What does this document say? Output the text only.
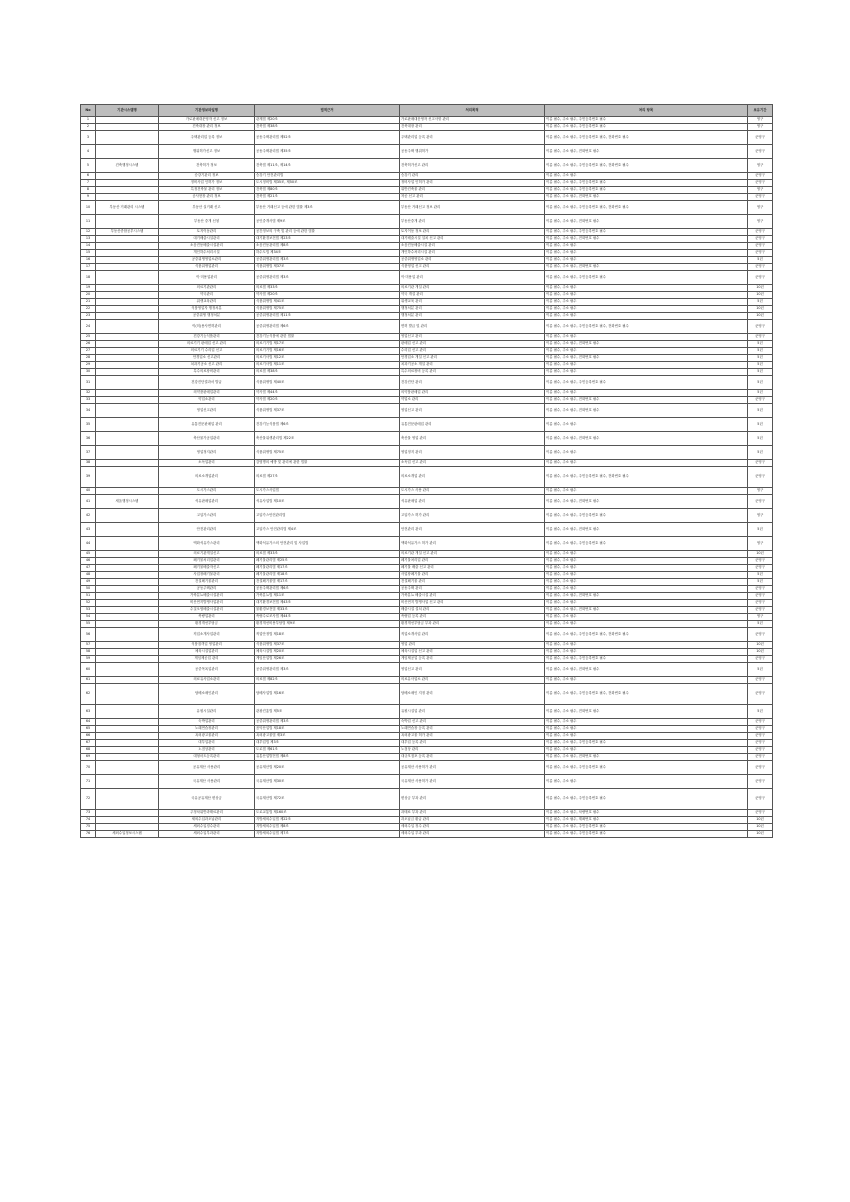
No	기관시스템명	기관정보파일명	법적근거	처리목적	처리 항목	보유기간
1		가로판매대운영자 신고 정보	관계법 제20조	가로판매대운영자 신고사항 관리	이름 필수, 주소 필수, 주민등록번호 필수	영구
2		건축대장 관리 정보	건축법 제38조	건축대장 관리	이름 필수, 주소 필수, 주민등록번호 필수	영구
3		주택관리업 등록 정보	공동주택관리법 제52조	주택관리업 등록 관리	이름 필수, 주소 필수, 주민등록번호 필수, 전화번호 필수	준영구
4		행위허가신고 정보	공동주택관리법 제35조	공동주택 행위허가	이름 필수, 주소 필수, 전화번호 필수	준영구
5	건축행정시스템	건축허가 정보	건축법 제11조, 제14조	건축허가신고 관리	이름 필수, 주소 필수, 주민등록번호 필수, 전화번호 필수	영구
6		승강기관리 정보	승강기 안전관리법	승강기 관리	이름 필수, 주소 필수	준영구
7		정비사업 인허가 정보	도시정비법 제35조, 제50조	정비사업 인허가 관리	이름 필수, 주소 필수, 주민등록번호 필수	준영구
8		특정건축물 관리 정보	건축법 제80조	위반건축물 관리	이름 필수, 주소 필수, 주민등록번호 필수	영구
9		공사현장 관리 정보	건축법 제21조	착공 신고 관리	이름 필수, 주소 필수, 전화번호 필수	준영구
10	부동산 거래관리 시스템	부동산 실거래 신고	부동산 거래신고 등에 관한 법률 제3조	부동산 거래신고 정보 관리	이름 필수, 주소 필수, 주민등록번호 필수, 전화번호 필수	영구
11		부동산 중개 신청	공인중개사법 제9조	부동산중개 관리	이름 필수, 주소 필수, 전화번호 필수	영구
12	부동산종합공부시스템	토지이동관리	공간정보의 구축 및 관리 등에 관한 법률	토지이동 정보 관리	이름 필수, 주소 필수, 주민등록번호 필수	준영구
13		대기배출시설관리	대기환경보전법 제23조	대기배출시설 설치 신고 관리	이름 필수, 주소 필수, 전화번호 필수	준영구
14		소음진동배출시설관리	소음진동관리법 제8조	소음진동배출시설 관리	이름 필수, 주소 필수	준영구
15		개인하수처리시설	하수도법 제34조	개인하수처리시설 관리	이름 필수, 주소 필수	준영구
16		공중위생영업소관리	공중위생관리법 제3조	공중위생영업소 관리	이름 필수, 주소 필수	5년
17		식품위생업관리	식품위생법 제37조	식품영업 신고 관리	이름 필수, 주소 필수, 전화번호 필수	준영구
18		이·미용업관리	공중위생관리법 제3조	이·미용업 관리	이름 필수, 주소 필수, 주민등록번호 필수	준영구
19		의료기관관리	의료법 제33조	의료기관 개설 관리	이름 필수, 주소 필수	10년
20		약국관리	약사법 제20조	약국 개설 관리	이름 필수, 주소 필수	10년
21		위생교육관리	식품위생법 제41조	위생교육 관리	이름 필수, 주소 필수	5년
22		식품영업자 행정처분	식품위생법 제75조	행정처분 관리	이름 필수, 주소 필수	10년
23		공중위생 행정처분	공중위생관리법 제11조	행정처분 관리	이름 필수, 주소 필수	10년
24		이(미)용사면허관리	공중위생관리법 제6조	면허 발급 및 관리	이름 필수, 주소 필수, 주민등록번호 필수, 전화번호 필수	준영구
25		건강기능식품관리	건강기능식품에 관한 법률	영업신고 관리	이름 필수, 주소 필수	준영구
26		의료기기 판매업 신고 관리	의료기기법 제17조	판매업 신고 관리	이름 필수, 주소 필수, 전화번호 필수	5년
27		의료기기 수리업 신고	의료기기법 제16조	수리업 신고 관리	이름 필수, 주소 필수	5년
28		안경업소 신고관리	의료기사법 제12조	안경업소 개설 신고 관리	이름 필수, 주소 필수, 전화번호 필수	5년
29		치과기공소 신고 관리	의료기사법 제11조	치과기공소 개설 관리	이름 필수, 주소 필수	5년
30		특수의료장비관리	의료법 제38조	특수의료장비 등록 관리	이름 필수, 주소 필수	5년
31		건강진단결과서 발급	식품위생법 제40조	건강진단 관리	이름 필수, 주소 필수, 주민등록번호 필수	5년
32		의약품판매업관리	약사법 제44조	의약품판매업 관리	이름 필수, 주소 필수	5년
33		약업소관리	약사법 제20조	약업소 관리	이름 필수, 주소 필수, 전화번호 필수	준영구
34		영업신고관리	식품위생법 제37조	영업신고 관리	이름 필수, 주소 필수, 전화번호 필수	5년
35		유통전문판매업 관리	건강기능식품법 제6조	유통전문판매업 관리	이름 필수, 주소 필수	5년
36		축산물가공업관리	축산물위생관리법 제22조	축산물 영업 관리	이름 필수, 주소 필수, 전화번호 필수	5년
37		영업정지관리	식품위생법 제75조	영업정지 관리	이름 필수, 주소 필수	5년
38		소독업관리	감염병의 예방 및 관리에 관한 법률	소독업 신고 관리	이름 필수, 주소 필수	준영구
39		의료소개업관리	의료법 제27조	의료소개업 관리	이름 필수, 주소 필수, 주민등록번호 필수, 전화번호 필수	준영구
40		도시가스관리	도시가스사업법	도시가스 사용 관리	이름 필수, 주소 필수	영구
41	새올행정시스템	석유판매업관리	석유사업법 제10조	석유판매업 관리	이름 필수, 주소 필수, 전화번호 필수	준영구
42		고압가스관리	고압가스안전관리법	고압가스 허가 관리	이름 필수, 주소 필수, 주민등록번호 필수	영구
43		안전관리관리	고압가스 안전관리법 제4조	안전관리 관리	이름 필수, 주소 필수, 전화번호 필수	5년
44		액화석유가스관리	액화석유가스의 안전관리 및 사업법	액화석유가스 허가 관리	이름 필수, 주소 필수, 주민등록번호 필수	영구
45		의료기관개설신고	의료법 제33조	의료기관 개설 신고 관리	이름 필수, 주소 필수	10년
46		폐기물처리업관리	폐기물관리법 제25조	폐기물처리업 관리	이름 필수, 주소 필수	준영구
47		폐기물배출자신고	폐기물관리법 제17조	폐기물 배출 신고 관리	이름 필수, 주소 필수	준영구
48		사업장폐기물관리	폐기물관리법 제18조	사업장폐기물 관리	이름 필수, 주소 필수	5년
49		건설폐기물관리	건설폐기물법 제17조	건설폐기물 관리	이름 필수, 주소 필수	5년
50		공동주택관리	공동주택관리법 제6조	공동주택 관리	이름 필수, 주소 필수	준영구
51		가축분뇨배출시설관리	가축분뇨법 제11조	가축분뇨 배출시설 관리	이름 필수, 주소 필수, 전화번호 필수	준영구
52		비산먼지발생사업관리	대기환경보전법 제43조	비산먼지 발생사업 신고 관리	이름 필수, 주소 필수	준영구
53		수질오염배출시설관리	물환경보전법 제33조	배출시설 설치 관리	이름 필수, 주소 필수, 전화번호 필수	준영구
54		측량업관리	측량수로조사법 제44조	측량업 등록 관리	이름 필수, 주소 필수	영구
55		환경개선부담금	환경개선비용부담법 제9조	환경개선부담금 부과 관리	이름 필수, 주소 필수	5년
56		직업소개사업관리	직업안정법 제18조	직업소개사업 관리	이름 필수, 주소 필수, 주민등록번호 필수, 전화번호 필수	준영구
57		식품접객업 영업관리	식품위생법 제37조	영업 관리	이름 필수, 주소 필수	10년
58		체육시설업관리	체육시설법 제20조	체육시설업 신고 관리	이름 필수, 주소 필수	10년
59		게임제공업 관리	게임산업법 제26조	게임제공업 등록 관리	이름 필수, 주소 필수, 주민등록번호 필수	준영구
60		공중목욕업관리	공중위생관리법 제3조	영업신고 관리	이름 필수, 주소 필수, 전화번호 필수	5년
61		의료유사업소관리	의료법 제82조	의료유사업소 관리	이름 필수, 주소 필수	준영구
62		담배소매인관리	담배사업법 제16조	담배소매인 지정 관리	이름 필수, 주소 필수, 주민등록번호 필수, 전화번호 필수	준영구
63		유원시설관리	관광진흥법 제5조	유원시설업 관리	이름 필수, 주소 필수, 전화번호 필수	5년
64		숙박업관리	공중위생관리법 제3조	숙박업 신고 관리	이름 필수, 주소 필수	준영구
65		노래연습장관리	음악산업법 제18조	노래연습장 등록 관리	이름 필수, 주소 필수	준영구
66		옥외광고물관리	옥외광고물법 제3조	옥외광고물 허가 관리	이름 필수, 주소 필수	준영구
67		대부업관리	대부업법 제3조	대부업 등록 관리	이름 필수, 주소 필수, 주민등록번호 필수	준영구
68		노점상관리	도로법 제61조	노점상 관리	이름 필수, 주소 필수	준영구
69		대형마트등록관리	유통산업발전법 제8조	대규모점포 등록 관리	이름 필수, 주소 필수, 전화번호 필수	준영구
70		공유재산 사용관리	공유재산법 제20조	공유재산 사용허가 관리	이름 필수, 주소 필수, 주민등록번호 필수	준영구
71		국유재산 사용관리	국유재산법 제30조	국유재산 사용허가 관리	이름 필수, 주소 필수	준영구
72		국유공유재산 변상금	국유재산법 제72조	변상금 부과 관리	이름 필수, 주소 필수, 주민등록번호 필수	준영구
73		주정차위반과태료관리	도로교통법 제160조	과태료 부과 관리	이름 필수, 주소 필수, 차량번호 필수	준영구
74		세외수입과오납관리	지방세외수입법 제22조	과오납금 환급 관리	이름 필수, 주소 필수, 계좌번호 필수	10년
75		세외수입징수관리	지방세외수입법 제8조	세외수입 징수 관리	이름 필수, 주소 필수, 주민등록번호 필수	10년
76	세외수입정보시스템	세외수입부과관리	지방세외수입법 제7조	세외수입 부과 관리	이름 필수, 주소 필수, 주민등록번호 필수	10년
